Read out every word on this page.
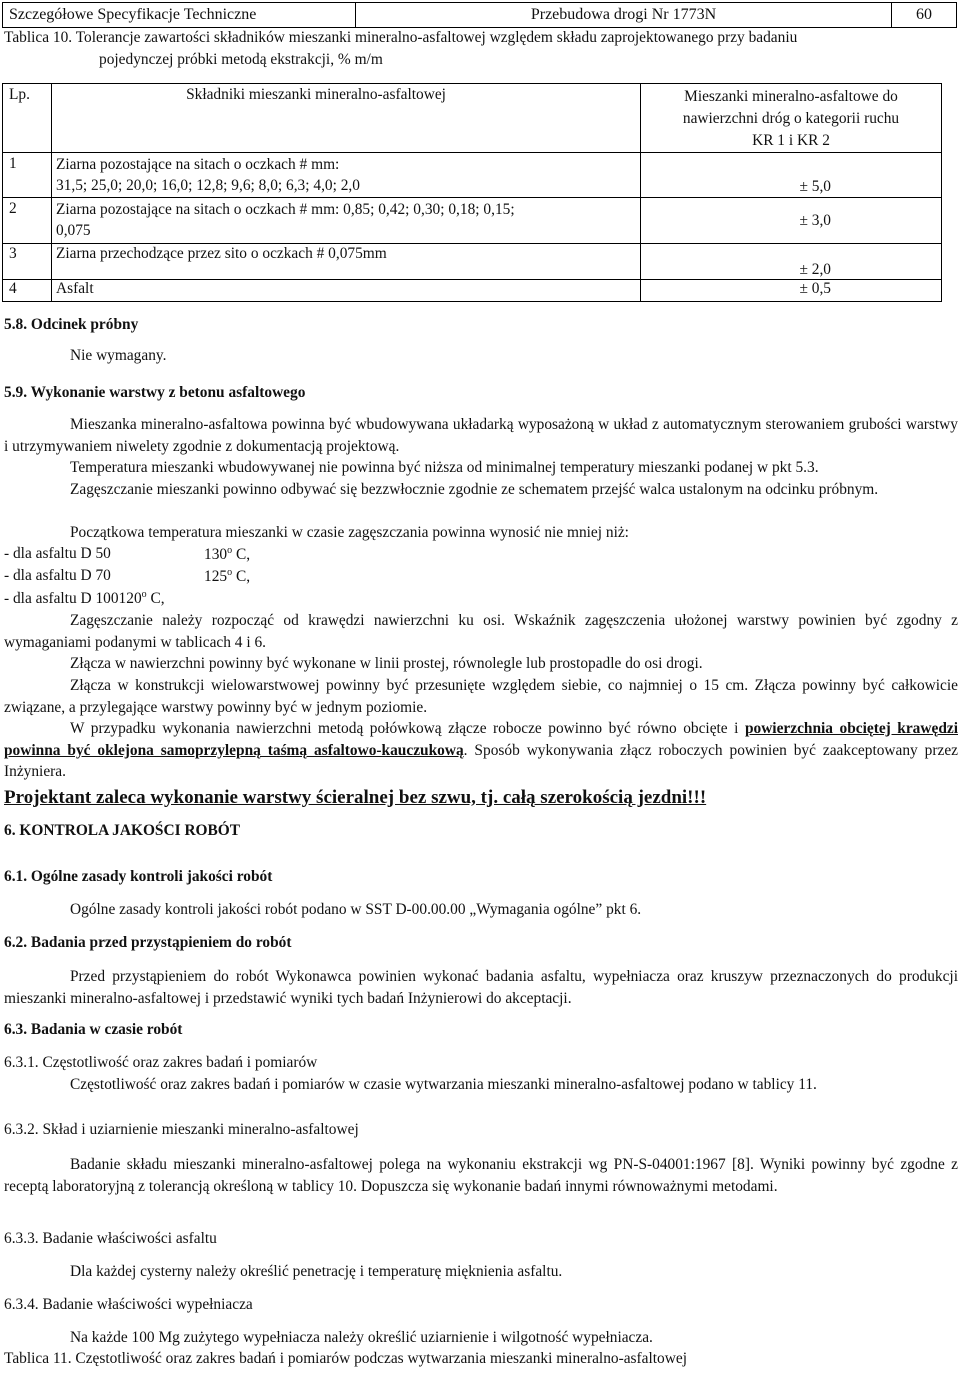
Szczegółowe Specyfikacje Techniczne	Przebudowa drogi Nr 1773N	60
Tablica 10. Tolerancje zawartości składników mieszanki mineralno-asfaltowej względem składu zaprojektowanego przy badaniu
pojedynczej próbki metodą ekstrakcji, % m/m
Lp.	Składniki mieszanki mineralno-asfaltowej	Mieszanki mineralno-asfaltowe do
nawierzchni dróg o kategorii ruchu
KR 1 i KR 2

1	Ziarna pozostające na sitach o oczkach # mm:
31,5; 25,0; 20,0; 16,0; 12,8; 9,6; 8,0; 6,3; 4,0; 2,0	± 5,0
2	Ziarna pozostające na sitach o oczkach # mm: 0,85; 0,42; 0,30; 0,18; 0,15;
0,075	± 3,0
3	Ziarna przechodzące przez sito o oczkach # 0,075mm	± 2,0
4	Asfalt	± 0,5
5.8. Odcinek próbny
Nie wymagany.
5.9. Wykonanie warstwy z betonu asfaltowego
Mieszanka mineralno-asfaltowa powinna być wbudowywana układarką wyposażoną w układ z automatycznym sterowaniem grubości warstwy i utrzymywaniem niwelety zgodnie z dokumentacją projektową.
Temperatura mieszanki wbudowywanej nie powinna być niższa od minimalnej temperatury mieszanki podanej w pkt 5.3.
Zagęszczanie mieszanki powinno odbywać się bezzwłocznie zgodnie ze schematem przejść walca ustalonym na odcinku próbnym.
Początkowa temperatura mieszanki w czasie zagęszczania powinna wynosić nie mniej niż:
- dla asfaltu D 50	130$^o$ C,
- dla asfaltu D 70	125$^o$ C,
- dla asfaltu D 100120$^o$ C,
Zagęszczanie należy rozpocząć od krawędzi nawierzchni ku osi. Wskaźnik zagęszczenia ułożonej warstwy powinien być zgodny z wymaganiami podanymi w tablicach 4 i 6.
Złącza w nawierzchni powinny być wykonane w linii prostej, równolegle lub prostopadle do osi drogi.
Złącza w konstrukcji wielowarstwowej powinny być przesunięte względem siebie, co najmniej o 15 cm. Złącza powinny być całkowicie związane, a przylegające warstwy powinny być w jednym poziomie.
W przypadku wykonania nawierzchni metodą połówkową złącze robocze powinno być równo obcięte i powierzchnia obciętej krawędzi powinna być oklejona samoprzylepną taśmą asfaltowo-kauczukową. Sposób wykonywania złącz roboczych powinien być zaakceptowany przez Inżyniera.
Projektant zaleca wykonanie warstwy ścieralnej bez szwu, tj. całą szerokością jezdni!!!
6. KONTROLA JAKOŚCI ROBÓT
6.1. Ogólne zasady kontroli jakości robót
Ogólne zasady kontroli jakości robót podano w SST D-00.00.00 „Wymagania ogólne” pkt 6.
6.2. Badania przed przystąpieniem do robót
Przed przystąpieniem do robót Wykonawca powinien wykonać badania asfaltu, wypełniacza oraz kruszyw przeznaczonych do produkcji mieszanki mineralno-asfaltowej i przedstawić wyniki tych badań Inżynierowi do akceptacji.
6.3. Badania w czasie robót
6.3.1. Częstotliwość oraz zakres badań i pomiarów
Częstotliwość oraz zakres badań i pomiarów w czasie wytwarzania mieszanki mineralno-asfaltowej podano w tablicy 11.
6.3.2. Skład i uziarnienie mieszanki mineralno-asfaltowej
Badanie składu mieszanki mineralno-asfaltowej polega na wykonaniu ekstrakcji wg PN-S-04001:1967 [8]. Wyniki powinny być zgodne z receptą laboratoryjną z tolerancją określoną w tablicy 10. Dopuszcza się wykonanie badań innymi równoważnymi metodami.
6.3.3. Badanie właściwości asfaltu
Dla każdej cysterny należy określić penetrację i temperaturę mięknienia asfaltu.
6.3.4. Badanie właściwości wypełniacza
Na każde 100 Mg zużytego wypełniacza należy określić uziarnienie i wilgotność wypełniacza.
Tablica 11. Częstotliwość oraz zakres badań i pomiarów podczas wytwarzania mieszanki mineralno-asfaltowej
